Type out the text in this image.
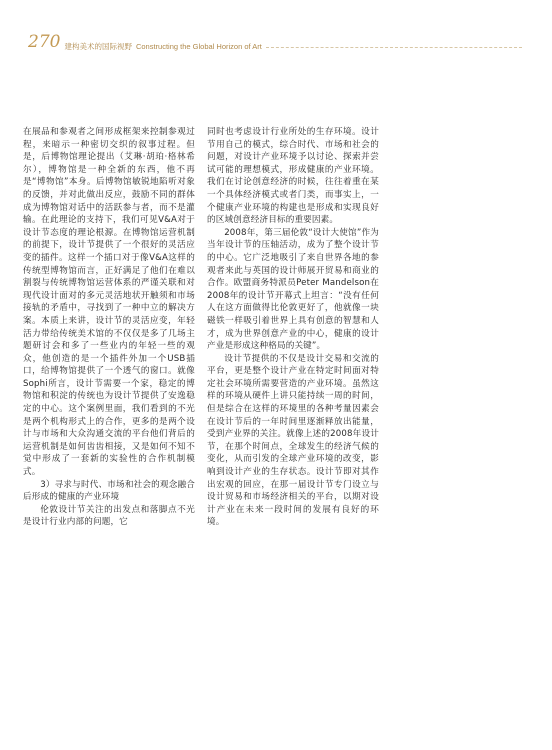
270 建构美术的国际视野 Constructing the Global Horizon of Art

在展品和参观者之间形成框架来控制参观过程，来暗示一种密切交织的叙事过程。但是，后博物馆理论提出（艾琳·胡珀·格林希尔），博物馆是一种全新的东西，他不再是“博物馆”本身。后博物馆敏锐地陷听对象的反馈，并对此做出反应，鼓励不同的群体成为博物馆对话中的活跃参与者，而不是灌输。在此理论的支持下，我们可见V&A对于设计节态度的理论根源。在博物馆运营机制的前提下，设计节提供了一个很好的灵活应变的插件。这样一个插口对于像V&A这样的传统型博物馆而言，正好满足了他们在难以割裂与传统博物馆运营体系的严谨关联和对现代设计面对的多元灵活地状开触须和市场接轨的矛盾中，寻找到了一种中立的解决方案。本质上来讲，设计节的灵活应变，年轻活力带给传统美术馆的不仅仅是多了几场主题研讨会和多了一些业内的年轻一些的观众，他创造的是一个插件外加一个USB插口，给博物馆提供了一个透气的窗口。就像Sophi所言，设计节需要一个家，稳定的博物馆和积淀的传统也为设计节提供了安逸稳定的中心。这个案例里面，我们看到的不光是两个机构形式上的合作，更多的是两个设计与市场和大众沟通交流的平台他们背后的运营机制是如何齿齿相接，又是如何不知不觉中形成了一套新的实验性的合作机制模式。

3）寻求与时代、市场和社会的观念融合后形成的健康的产业环境

伦敦设计节关注的出发点和落脚点不光是设计行业内部的问题，它

同时也考虑设计行业所处的生存环境。设计节用自己的模式，综合时代、市场和社会的问题，对设计产业环境予以讨论、探索并尝试可能的理想模式，形成健康的产业环境。我们在讨论创意经济的时候，往往着重在某一个具体经济模式或者门类，而事实上，一个健康产业环境的构建也是形成和实现良好的区域创意经济目标的重要因素。

2008年，第三届伦敦“设计大使馆”作为当年设计节的压轴活动，成为了整个设计节的中心。它广泛地吸引了来自世界各地的参观者来此与英国的设计师展开贸易和商业的合作。欧盟商务特派员Peter Mandelson在2008年的设计节开幕式上坦言：“没有任何人在这方面做得比伦敦更好了，他就像一块磁铁一样吸引着世界上具有创意的智慧和人才，成为世界创意产业的中心，健康的设计产业是形成这种格局的关键”。

设计节提供的不仅是设计交易和交流的平台，更是整个设计产业在特定时间面对特定社会环境所需要营造的产业环境。虽然这样的环境从硬件上讲只能持续一周的时间，但是综合在这样的环境里的各种考量因素会在设计节后的一年时间里逐渐释放出能量，受到产业界的关注。就像上述的2008年设计节，在那个时间点，全球发生的经济气候的变化，从而引发的全球产业环境的改变，影响到设计产业的生存状态。设计节即对其作出宏观的回应，在那一届设计节专门设立与设计贸易和市场经济相关的平台，以期对设计产业在未来一段时间的发展有良好的环境。
